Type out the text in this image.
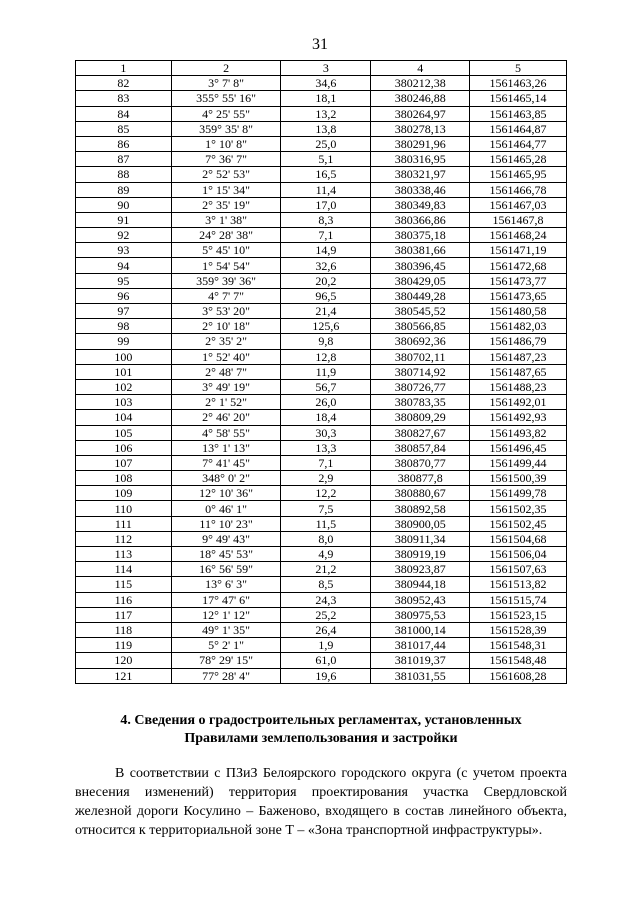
31
1	2	3	4	5
82	3° 7' 8"	34,6	380212,38	1561463,26
83	355° 55' 16"	18,1	380246,88	1561465,14
84	4° 25' 55"	13,2	380264,97	1561463,85
85	359° 35' 8"	13,8	380278,13	1561464,87
86	1° 10' 8"	25,0	380291,96	1561464,77
87	7° 36' 7"	5,1	380316,95	1561465,28
88	2° 52' 53"	16,5	380321,97	1561465,95
89	1° 15' 34"	11,4	380338,46	1561466,78
90	2° 35' 19"	17,0	380349,83	1561467,03
91	3° 1' 38"	8,3	380366,86	1561467,8
92	24° 28' 38"	7,1	380375,18	1561468,24
93	5° 45' 10"	14,9	380381,66	1561471,19
94	1° 54' 54"	32,6	380396,45	1561472,68
95	359° 39' 36"	20,2	380429,05	1561473,77
96	4° 7' 7"	96,5	380449,28	1561473,65
97	3° 53' 20"	21,4	380545,52	1561480,58
98	2° 10' 18"	125,6	380566,85	1561482,03
99	2° 35' 2"	9,8	380692,36	1561486,79
100	1° 52' 40"	12,8	380702,11	1561487,23
101	2° 48' 7"	11,9	380714,92	1561487,65
102	3° 49' 19"	56,7	380726,77	1561488,23
103	2° 1' 52"	26,0	380783,35	1561492,01
104	2° 46' 20"	18,4	380809,29	1561492,93
105	4° 58' 55"	30,3	380827,67	1561493,82
106	13° 1' 13"	13,3	380857,84	1561496,45
107	7° 41' 45"	7,1	380870,77	1561499,44
108	348° 0' 2"	2,9	380877,8	1561500,39
109	12° 10' 36"	12,2	380880,67	1561499,78
110	0° 46' 1"	7,5	380892,58	1561502,35
111	11° 10' 23"	11,5	380900,05	1561502,45
112	9° 49' 43"	8,0	380911,34	1561504,68
113	18° 45' 53"	4,9	380919,19	1561506,04
114	16° 56' 59"	21,2	380923,87	1561507,63
115	13° 6' 3"	8,5	380944,18	1561513,82
116	17° 47' 6"	24,3	380952,43	1561515,74
117	12° 1' 12"	25,2	380975,53	1561523,15
118	49° 1' 35"	26,4	381000,14	1561528,39
119	5° 2' 1"	1,9	381017,44	1561548,31
120	78° 29' 15"	61,0	381019,37	1561548,48
121	77° 28' 4"	19,6	381031,55	1561608,28
4. Сведения о градостроительных регламентах, установленных
Правилами землепользования и застройки
В соответствии с ПЗиЗ Белоярского городского округа (с учетом проекта внесения изменений) территория проектирования участка Свердловской железной дороги Косулино – Баженово, входящего в состав линейного объекта, относится к территориальной зоне Т – «Зона транспортной инфраструктуры».
